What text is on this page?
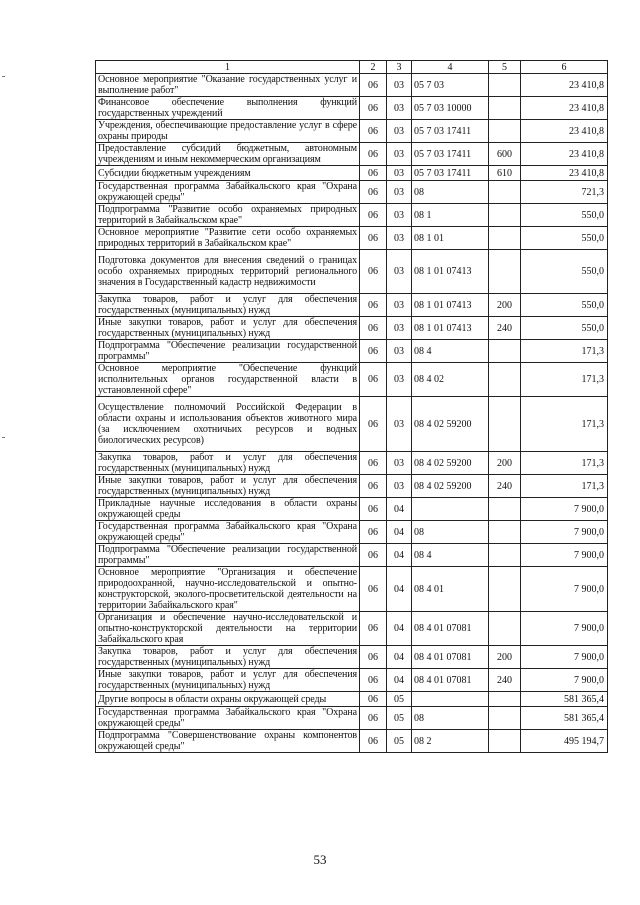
1	2	3	4	5	6
Основное мероприятие "Оказание государственных услуг и выполнение работ"	06	03	05 7 03		23 410,8
Финансовое обеспечение выполнения функций государственных учреждений	06	03	05 7 03 10000		23 410,8
Учреждения, обеспечивающие предоставление услуг в сфере охраны природы	06	03	05 7 03 17411		23 410,8
Предоставление субсидий бюджетным, автономным учреждениям и иным некоммерческим организациям	06	03	05 7 03 17411	600	23 410,8
Субсидии бюджетным учреждениям	06	03	05 7 03 17411	610	23 410,8
Государственная программа Забайкальского края "Охрана окружающей среды"	06	03	08		721,3
Подпрограмма "Развитие особо охраняемых природных территорий в Забайкальском крае"	06	03	08 1		550,0
Основное мероприятие "Развитие сети особо охраняемых природных территорий в Забайкальском крае"	06	03	08 1 01		550,0
Подготовка документов для внесения сведений о границах особо охраняемых природных территорий регионального значения в Государственный кадастр недвижимости	06	03	08 1 01 07413		550,0
Закупка товаров, работ и услуг для обеспечения государственных (муниципальных) нужд	06	03	08 1 01 07413	200	550,0
Иные закупки товаров, работ и услуг для обеспечения государственных (муниципальных) нужд	06	03	08 1 01 07413	240	550,0
Подпрограмма "Обеспечение реализации государственной программы"	06	03	08 4		171,3
Основное мероприятие "Обеспечение функций исполнительных органов государственной власти в установленной сфере"	06	03	08 4 02		171,3
Осуществление полномочий Российской Федерации в области охраны и использования объектов животного мира (за исключением охотничьих ресурсов и водных биологических ресурсов)	06	03	08 4 02 59200		171,3
Закупка товаров, работ и услуг для обеспечения государственных (муниципальных) нужд	06	03	08 4 02 59200	200	171,3
Иные закупки товаров, работ и услуг для обеспечения государственных (муниципальных) нужд	06	03	08 4 02 59200	240	171,3
Прикладные научные исследования в области охраны окружающей среды	06	04			7 900,0
Государственная программа Забайкальского края "Охрана окружающей среды"	06	04	08		7 900,0
Подпрограмма "Обеспечение реализации государственной программы"	06	04	08 4		7 900,0
Основное мероприятие "Организация и обеспечение природоохранной, научно-исследовательской и опытно-конструкторской, эколого-просветительской деятельности на территории Забайкальского края"	06	04	08 4 01		7 900,0
Организация и обеспечение научно-исследовательской и опытно-конструкторской деятельности на территории Забайкальского края	06	04	08 4 01 07081		7 900,0
Закупка товаров, работ и услуг для обеспечения государственных (муниципальных) нужд	06	04	08 4 01 07081	200	7 900,0
Иные закупки товаров, работ и услуг для обеспечения государственных (муниципальных) нужд	06	04	08 4 01 07081	240	7 900,0
Другие вопросы в области охраны окружающей среды	06	05			581 365,4
Государственная программа Забайкальского края "Охрана окружающей среды"	06	05	08		581 365,4
Подпрограмма "Совершенствование охраны компонентов окружающей среды"	06	05	08 2		495 194,7
53
